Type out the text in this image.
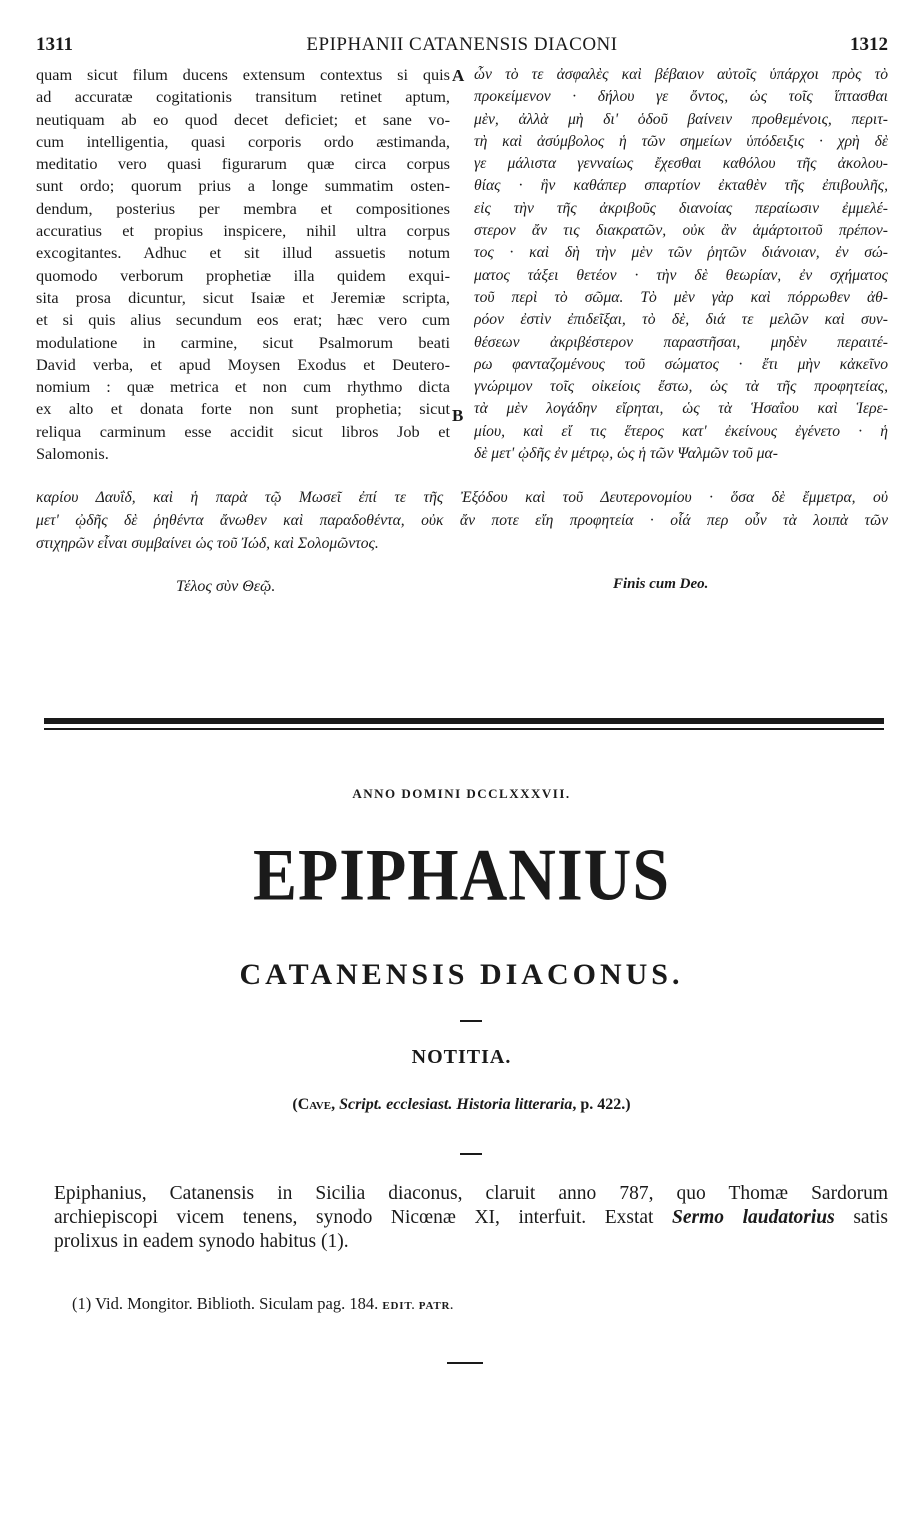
1311	EPIPHANII CATANENSIS DIACONI	1312
quam sicut filum ducens extensum contextus si quis
ad accuratæ cogitationis transitum retinet aptum,
neutiquam ab eo quod decet deficiet; et sane vo-
cum intelligentia, quasi corporis ordo æstimanda,
meditatio vero quasi figurarum quæ circa corpus
sunt ordo; quorum prius a longe summatim osten-
dendum, posterius per membra et compositiones
accuratius et propius inspicere, nihil ultra corpus
excogitantes. Adhuc et sit illud assuetis notum
quomodo verborum prophetiæ illa quidem exqui-
sita prosa dicuntur, sicut Isaiæ et Jeremiæ scripta,
et si quis alius secundum eos erat; hæc vero cum
modulatione in carmine, sicut Psalmorum beati
David verba, et apud Moysen Exodus et Deutero-
nomium : quæ metrica et non cum rhythmo dicta
ex alto et donata forte non sunt prophetia; sicut
reliqua carminum esse accidit sicut libros Job et
Salomonis.
A
B
ὧν τὸ τε ἀσφαλὲς καὶ βέβαιον αὐτοῖς ὑπάρχοι πρὸς τὸ
προκείμενον · δήλου γε ὄντος, ὡς τοῖς ἵπτασθαι
μὲν, ἀλλὰ μὴ δι' ὁδοῦ βαίνειν προθεμένοις, περιτ-
τὴ καὶ ἀσύμβολος ἡ τῶν σημείων ὑπόδειξις · χρὴ δὲ
γε μάλιστα γενναίως ἔχεσθαι καθόλου τῆς ἀκολου-
θίας · ἣν καθάπερ σπαρτίον ἐκταθὲν τῆς ἐπιβουλῆς,
εἰς τὴν τῆς ἀκριβοῦς διανοίας περαίωσιν ἐμμελέ-
στερον ἄν τις διακρατῶν, οὐκ ἂν ἁμάρτοιτοῦ πρέπον-
τος · καὶ δὴ τὴν μὲν τῶν ῥητῶν διάνοιαν, ἐν σώ-
ματος τάξει θετέον · τὴν δὲ θεωρίαν, ἐν σχήματος
τοῦ περὶ τὸ σῶμα. Τὸ μὲν γὰρ καὶ πόρρωθεν ἀθ-
ρόον ἐστὶν ἐπιδεῖξαι, τὸ δὲ, διά τε μελῶν καὶ συν-
θέσεων ἀκριβέστερον παραστῆσαι, μηδὲν περαιτέ-
ρω φανταζομένους τοῦ σώματος · ἔτι μὴν κἀκεῖνο
γνώριμον τοῖς οἰκείοις ἔστω, ὡς τὰ τῆς προφητείας,
τὰ μὲν λογάδην εἴρηται, ὡς τὰ Ἡσαΐου καὶ Ἱερε-
μίου, καὶ εἴ τις ἕτερος κατ' ἐκείνους ἐγένετο · ἡ
δὲ μετ' ᾠδῆς ἐν μέτρῳ, ὡς ἡ τῶν Ψαλμῶν τοῦ μα-
καρίου Δαυΐδ, καὶ ἡ παρὰ τῷ Μωσεῖ ἐπί τε τῆς Ἐξόδου καὶ τοῦ Δευτερονομίου · ὅσα δὲ ἔμμετρα, οὐ
μετ' ᾠδῆς δὲ ῥηθέντα ἄνωθεν καὶ παραδοθέντα, οὐκ ἄν ποτε εἴη προφητεία · οἷά περ οὖν τὰ λοιπὰ τῶν
στιχηρῶν εἶναι συμβαίνει ὡς τοῦ Ἰώδ, καὶ Σολομῶντος.
Τέλος σὺν Θεῷ.	Finis cum Deo.
ANNO DOMINI DCCLXXXVII.
EPIPHANIUS
CATANENSIS DIACONUS.
NOTITIA.
(Cave, Script. ecclesiast. Historia litteraria, p. 422.)
Epiphanius, Catanensis in Sicilia diaconus, claruit anno 787, quo Thomæ Sardorum
archiepiscopi vicem tenens, synodo Nicœnæ XI, interfuit. Exstat Sermo laudatorius satis
prolixus in eadem synodo habitus (1).
(1) Vid. Mongitor. Biblioth. Siculam pag. 184. EDIT. PATR.
